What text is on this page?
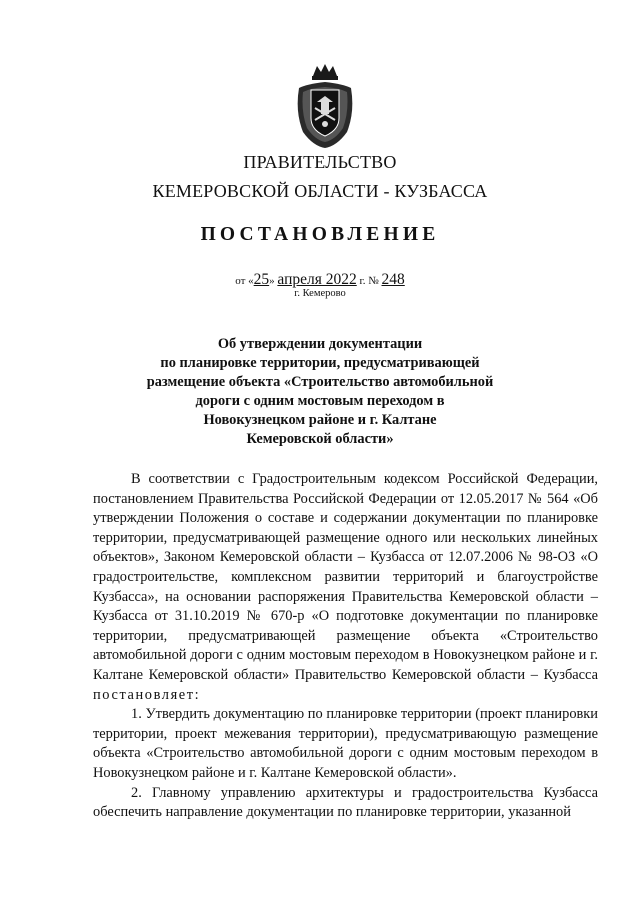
ПРАВИТЕЛЬСТВО
КЕМЕРОВСКОЙ ОБЛАСТИ - КУЗБАССА
ПОСТАНОВЛЕНИЕ
от «25» апреля 2022 г. № 248
г. Кемерово
Об утверждении документации
по планировке территории, предусматривающей
размещение объекта «Строительство автомобильной
дороги с одним мостовым переходом в
Новокузнецком районе и г. Калтане
Кемеровской области»

В соответствии с Градостроительным кодексом Российской Федерации, постановлением Правительства Российской Федерации от 12.05.2017 № 564 «Об утверждении Положения о составе и содержании документации по планировке территории, предусматривающей размещение одного или нескольких линейных объектов», Законом Кемеровской области – Кузбасса от 12.07.2006 № 98-ОЗ «О градостроительстве, комплексном развитии территорий и благоустройстве Кузбасса», на основании распоряжения Правительства Кемеровской области – Кузбасса от 31.10.2019 № 670-р «О подготовке документации по планировке территории, предусматривающей размещение объекта «Строительство автомобильной дороги с одним мостовым переходом в Новокузнецком районе и г. Калтане Кемеровской области» Правительство Кемеровской области – Кузбасса постановляет:

1. Утвердить документацию по планировке территории (проект планировки территории, проект межевания территории), предусматривающую размещение объекта «Строительство автомобильной дороги с одним мостовым переходом в Новокузнецком районе и г. Калтане Кемеровской области».

2. Главному управлению архитектуры и градостроительства Кузбасса обеспечить направление документации по планировке территории, указанной
